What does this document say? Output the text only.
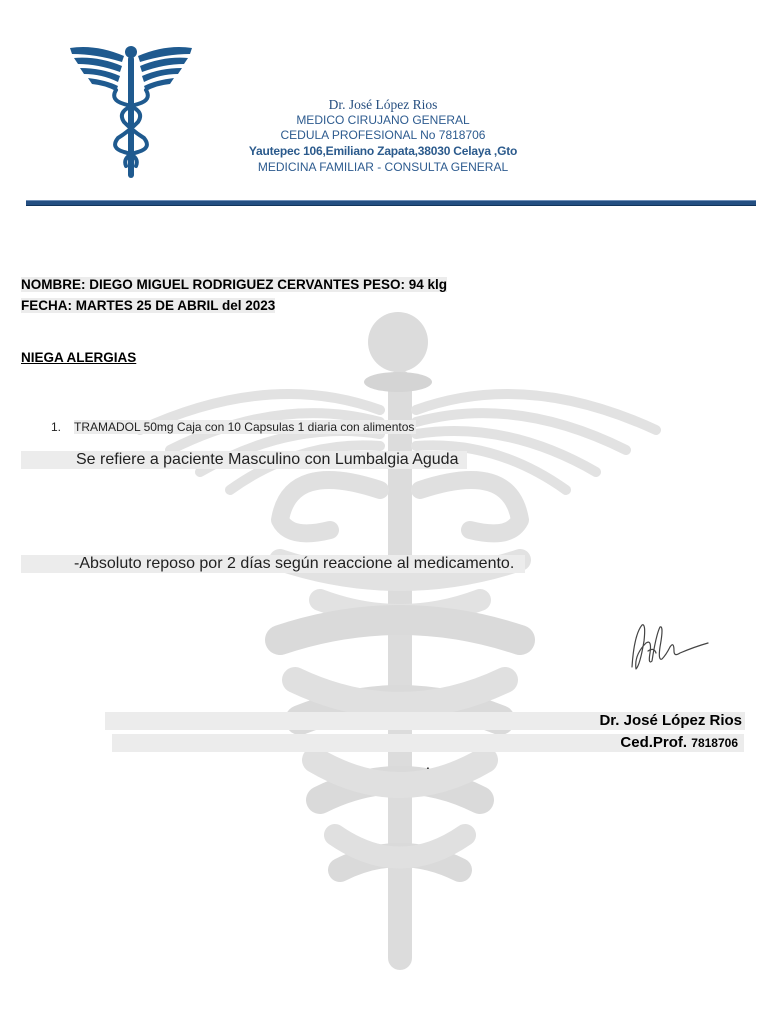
Dr. José López Rios
MEDICO CIRUJANO GENERAL
CEDULA PROFESIONAL No 7818706
Yautepec 106,Emiliano Zapata,38030 Celaya ,Gto
MEDICINA FAMILIAR - CONSULTA GENERAL
NOMBRE: DIEGO MIGUEL RODRIGUEZ CERVANTES PESO: 94 klg
FECHA: MARTES 25 DE ABRIL del 2023
NIEGA ALERGIAS
1. TRAMADOL 50mg Caja con 10 Capsulas 1 diaria con alimentos
Se refiere a paciente Masculino con Lumbalgia Aguda
-Absoluto reposo por 2 días según reaccione al medicamento.
Dr. José López Rios
Ced.Prof. 7818706
.
